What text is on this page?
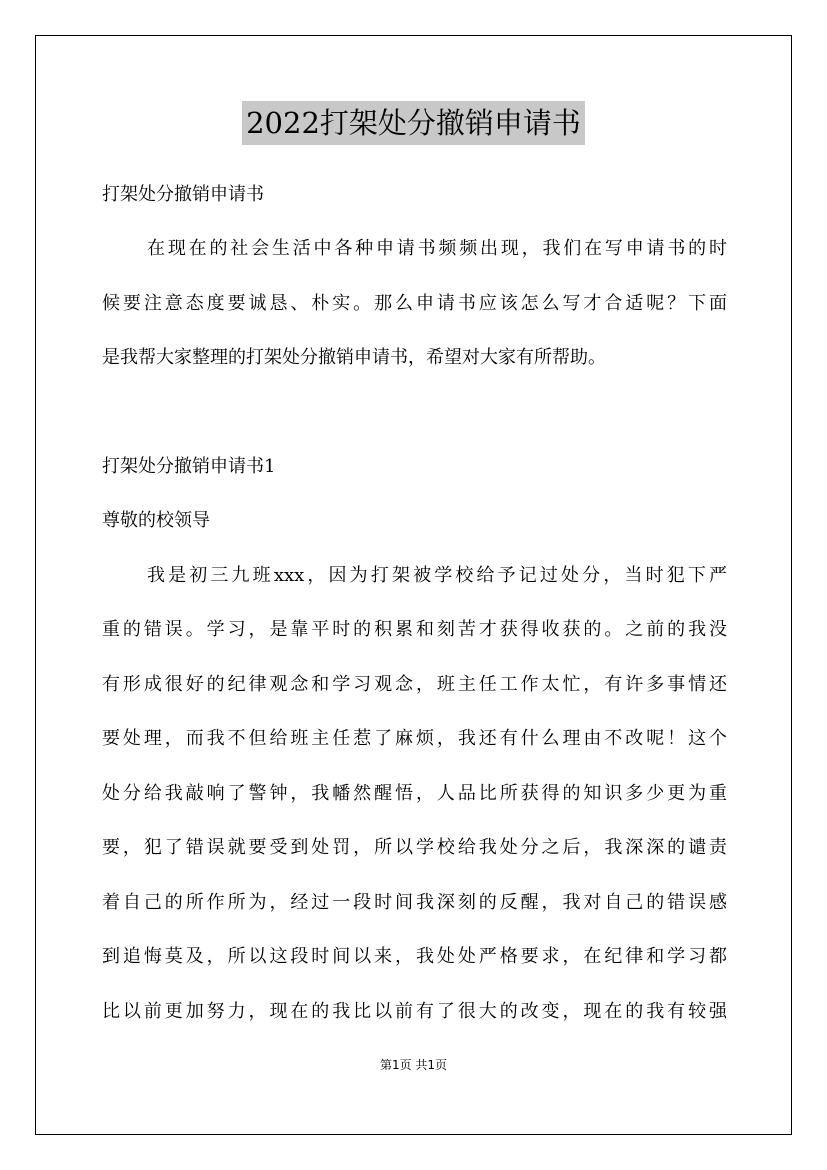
2022打架处分撤销申请书
打架处分撤销申请书
在现在的社会生活中各种申请书频频出现，我们在写申请书的时
候要注意态度要诚恳、朴实。那么申请书应该怎么写才合适呢？下面
是我帮大家整理的打架处分撤销申请书，希望对大家有所帮助。
打架处分撤销申请书1
尊敬的校领导
我是初三九班xxx，因为打架被学校给予记过处分，当时犯下严
重的错误。学习，是靠平时的积累和刻苦才获得收获的。之前的我没
有形成很好的纪律观念和学习观念，班主任工作太忙，有许多事情还
要处理，而我不但给班主任惹了麻烦，我还有什么理由不改呢！这个
处分给我敲响了警钟，我幡然醒悟，人品比所获得的知识多少更为重
要，犯了错误就要受到处罚，所以学校给我处分之后，我深深的谴责
着自己的所作所为，经过一段时间我深刻的反醒，我对自己的错误感
到追悔莫及，所以这段时间以来，我处处严格要求，在纪律和学习都
比以前更加努力，现在的我比以前有了很大的改变，现在的我有较强
第1页 共1页
